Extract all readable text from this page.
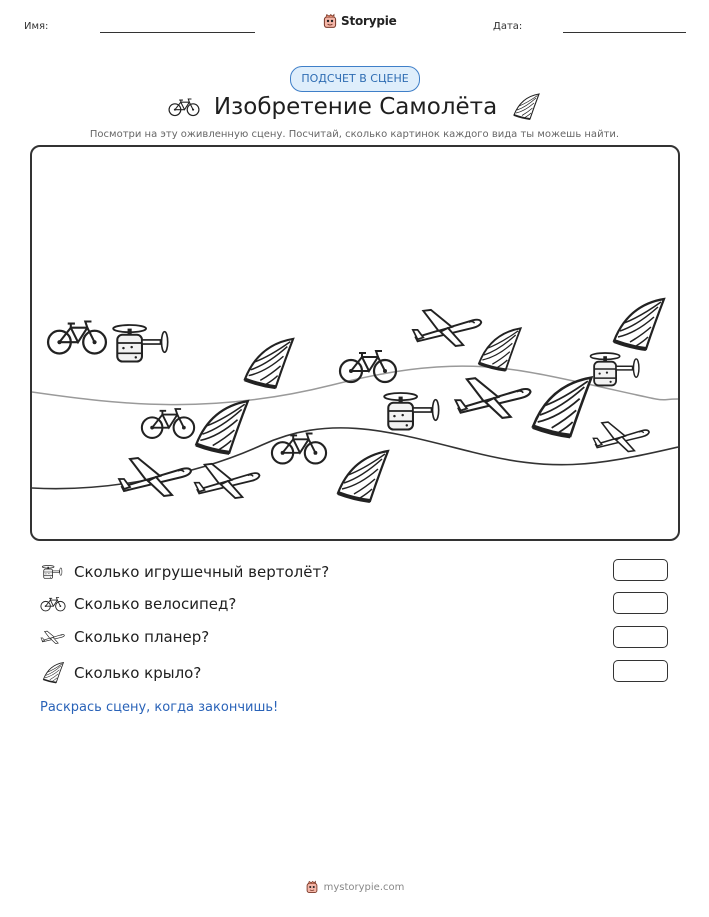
Имя:	Storypie	Дата:
ПОДСЧЕТ В СЦЕНЕ
Изобретение Самолёта
Посмотри на эту оживленную сцену. Посчитай, сколько картинок каждого вида ты можешь найти.
Сколько игрушечный вертолёт?
Сколько велосипед?
Сколько планер?
Сколько крыло?
Раскрась сцену, когда закончишь!
mystorypie.com
